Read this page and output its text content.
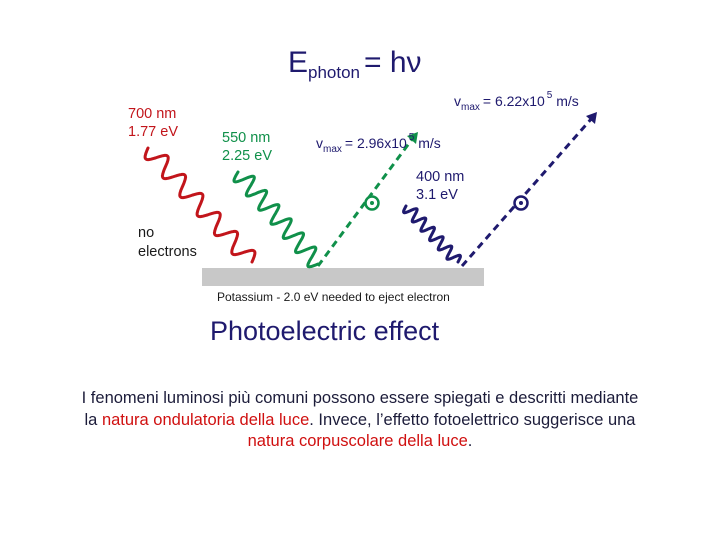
$E_{photon} = h\nu$
Potassium - 2.0 eV needed to eject electron
700 nm
1.77 eV
no electrons
550 nm
2.25 eV
$v_{max} = 2.96x10$ $^5$ m/s
400 nm
3.1 eV
$v_{max} = 6.22x10$ $^5$ m/s
Photoelectric effect
I fenomeni luminosi più comuni possono essere spiegati e descritti mediante
la natura ondulatoria della luce. Invece, l’effetto fotoelettrico suggerisce una
natura corpuscolare della luce.
